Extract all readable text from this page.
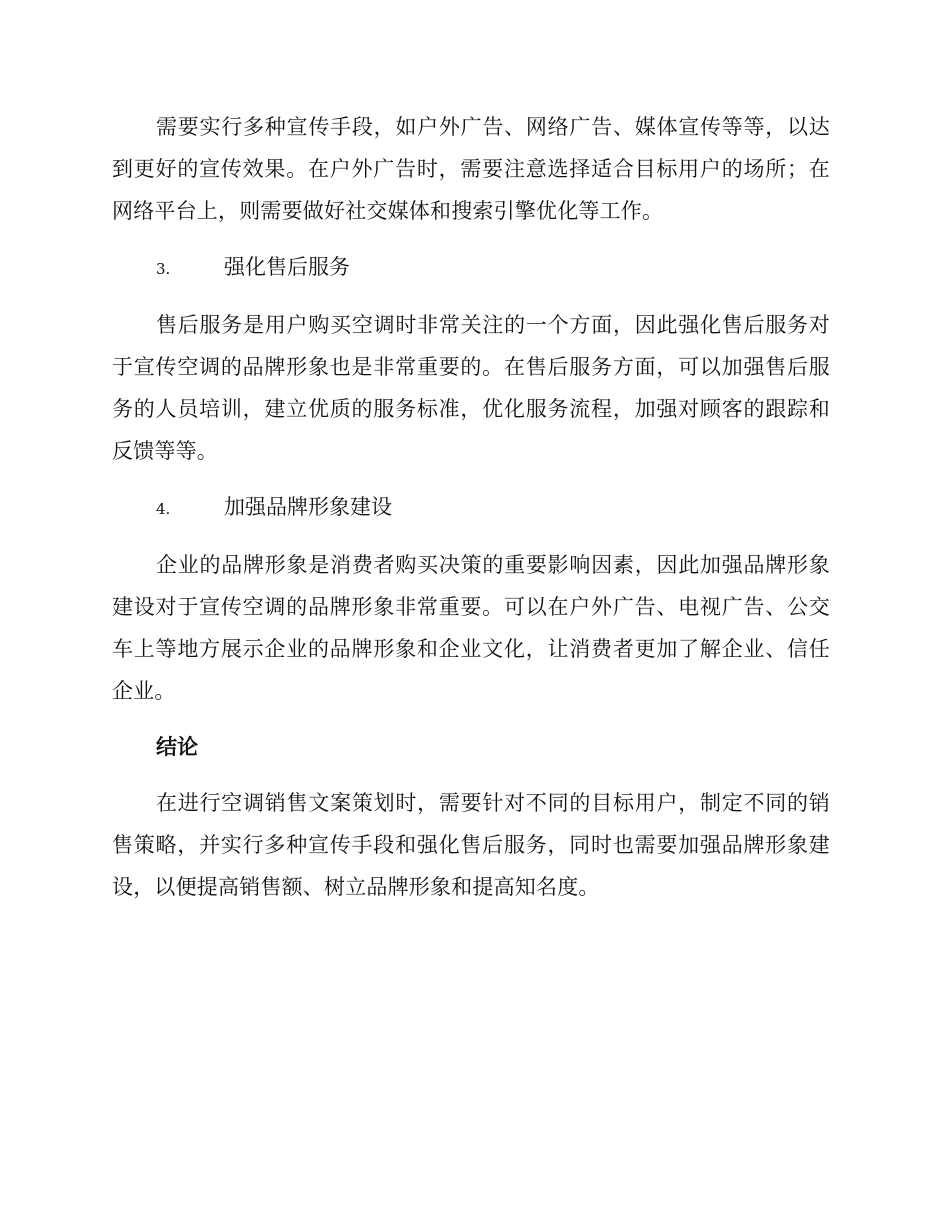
需要实行多种宣传手段，如户外广告、网络广告、媒体宣传等等，以达到更好的宣传效果。在户外广告时，需要注意选择适合目标用户的场所；在网络平台上，则需要做好社交媒体和搜索引擎优化等工作。

3.	强化售后服务

售后服务是用户购买空调时非常关注的一个方面，因此强化售后服务对于宣传空调的品牌形象也是非常重要的。在售后服务方面，可以加强售后服务的人员培训，建立优质的服务标准，优化服务流程，加强对顾客的跟踪和反馈等等。

4.	加强品牌形象建设

企业的品牌形象是消费者购买决策的重要影响因素，因此加强品牌形象建设对于宣传空调的品牌形象非常重要。可以在户外广告、电视广告、公交车上等地方展示企业的品牌形象和企业文化，让消费者更加了解企业、信任企业。

结论

在进行空调销售文案策划时，需要针对不同的目标用户，制定不同的销售策略，并实行多种宣传手段和强化售后服务，同时也需要加强品牌形象建设，以便提高销售额、树立品牌形象和提高知名度。
